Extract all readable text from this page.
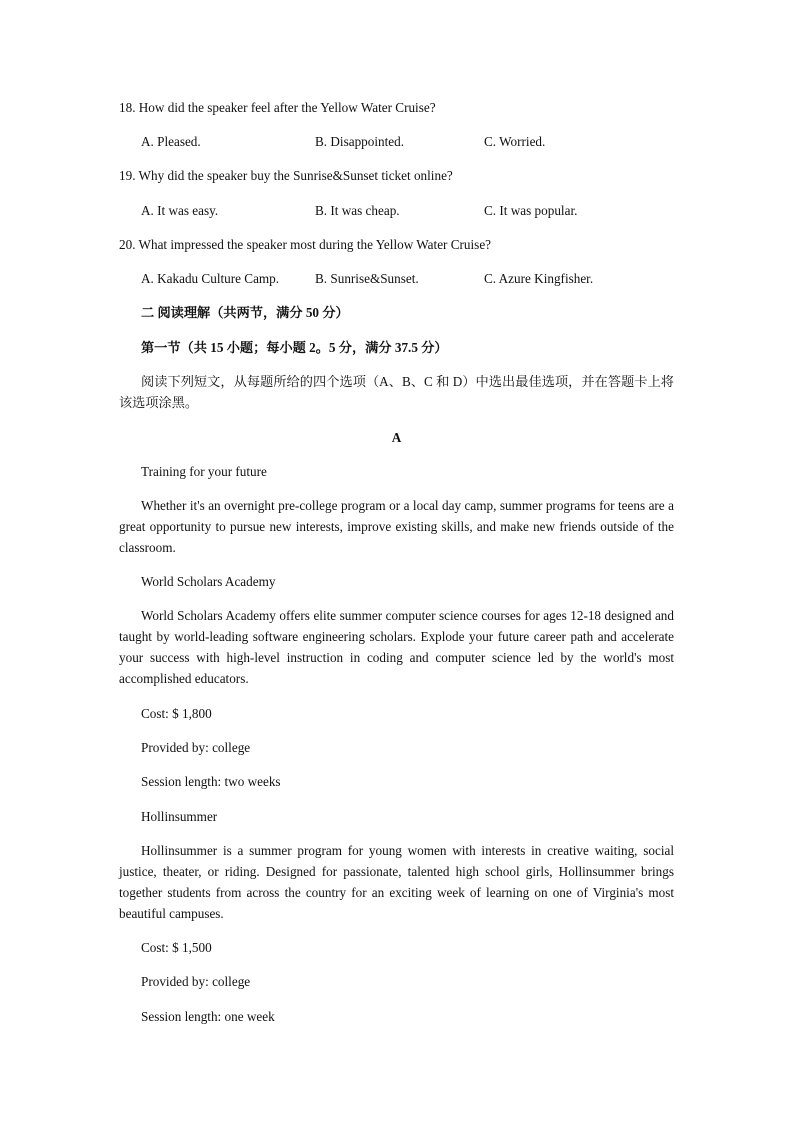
18. How did the speaker feel after the Yellow Water Cruise?
A. Pleased.	B. Disappointed.	C. Worried.
19. Why did the speaker buy the Sunrise&Sunset ticket online?
A. It was easy.	B. It was cheap.	C. It was popular.
20. What impressed the speaker most during the Yellow Water Cruise?
A. Kakadu Culture Camp.	B. Sunrise&Sunset.	C. Azure Kingfisher.
二 阅读理解（共两节，满分 50 分）
第一节（共 15 小题；每小题 2。5 分，满分 37.5 分）
阅读下列短文，从每题所给的四个选项（A、B、C 和 D）中选出最佳选项，并在答题卡上将该选项涂黑。
A
Training for your future
Whether it's an overnight pre-college program or a local day camp, summer programs for teens are a great opportunity to pursue new interests, improve existing skills, and make new friends outside of the classroom.
World Scholars Academy
World Scholars Academy offers elite summer computer science courses for ages 12-18 designed and taught by world-leading software engineering scholars. Explode your future career path and accelerate your success with high-level instruction in coding and computer science led by the world's most accomplished educators.
Cost: $ 1,800
Provided by: college
Session length: two weeks
Hollinsummer
Hollinsummer is a summer program for young women with interests in creative waiting, social justice, theater, or riding. Designed for passionate, talented high school girls, Hollinsummer brings together students from across the country for an exciting week of learning on one of Virginia's most beautiful campuses.
Cost: $ 1,500
Provided by: college
Session length: one week
